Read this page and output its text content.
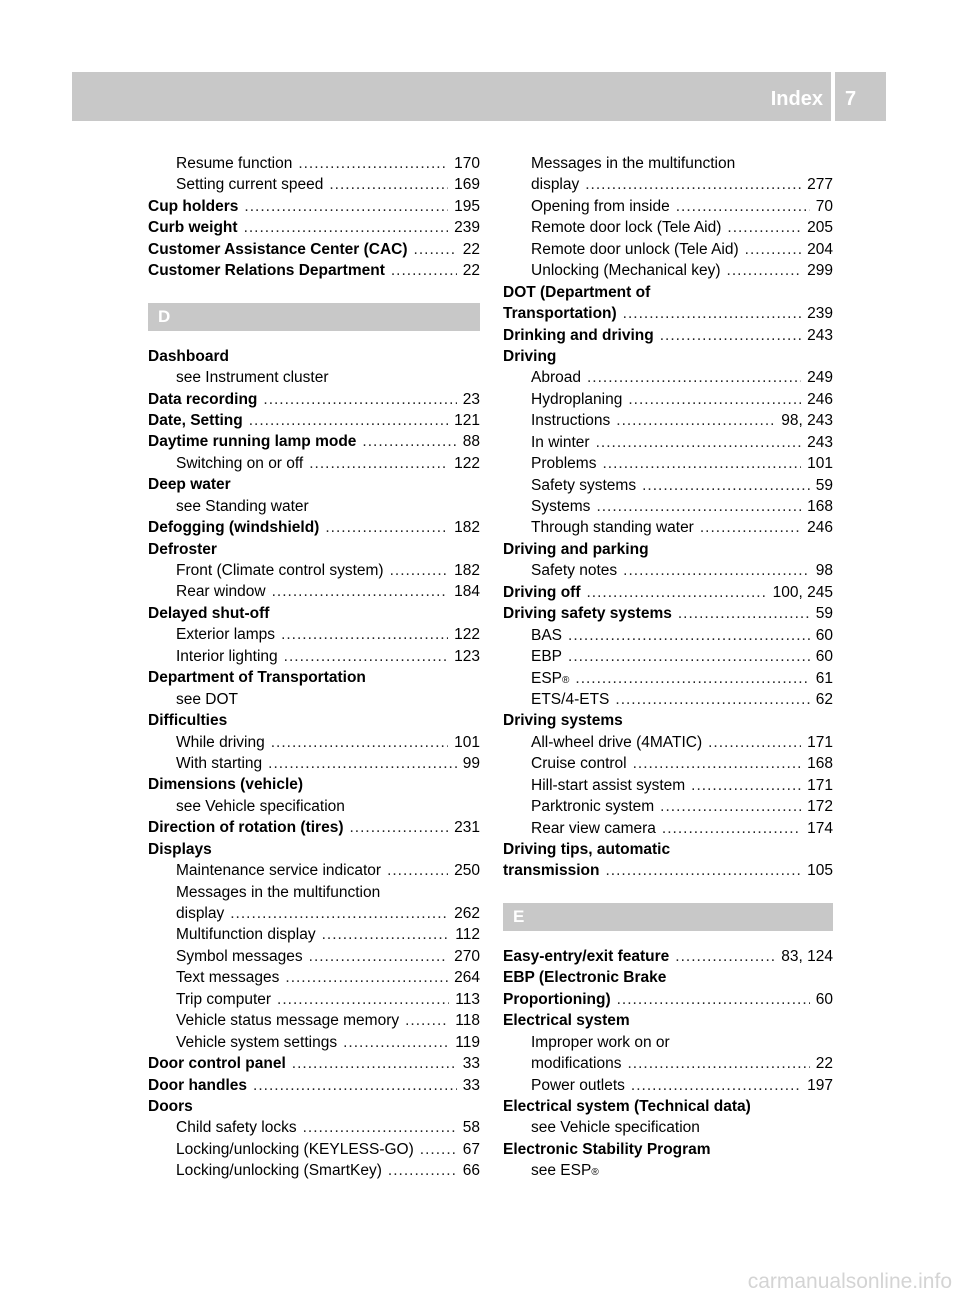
Index 7
Resume function .....	170
Setting current speed .....	169
Cup holders .....	195
Curb weight .....	239
Customer Assistance Center (CAC) .....	22
Customer Relations Department .....	22
D
Dashboard
see Instrument cluster
Data recording .....	23
Date, Setting .....	121
Daytime running lamp mode .....	88
Switching on or off .....	122
Deep water
see Standing water
Defogging (windshield) .....	182
Defroster
Front (Climate control system) .....	182
Rear window .....	184
Delayed shut-off
Exterior lamps .....	122
Interior lighting .....	123
Department of Transportation
see DOT
Difficulties
While driving .....	101
With starting .....	99
Dimensions (vehicle)
see Vehicle specification
Direction of rotation (tires) .....	231
Displays
Maintenance service indicator .....	250
Messages in the multifunction
display .....	262
Multifunction display .....	112
Symbol messages .....	270
Text messages .....	264
Trip computer .....	113
Vehicle status message memory .....	118
Vehicle system settings .....	119
Door control panel .....	33
Door handles .....	33
Doors
Child safety locks .....	58
Locking/unlocking (KEYLESS-GO) .....	67
Locking/unlocking (SmartKey) .....	66
Messages in the multifunction
display .....	277
Opening from inside .....	70
Remote door lock (Tele Aid) .....	205
Remote door unlock (Tele Aid) .....	204
Unlocking (Mechanical key) .....	299
DOT (Department of
Transportation) .....	239
Drinking and driving .....	243
Driving
Abroad .....	249
Hydroplaning .....	246
Instructions .....	98, 243
In winter .....	243
Problems .....	101
Safety systems .....	59
Systems .....	168
Through standing water .....	246
Driving and parking
Safety notes .....	98
Driving off .....	100, 245
Driving safety systems .....	59
BAS .....	60
EBP .....	60
ESP ® .....	61
ETS/4-ETS .....	62
Driving systems
All-wheel drive (4MATIC) .....	171
Cruise control .....	168
Hill-start assist system .....	171
Parktronic system .....	172
Rear view camera .....	174
Driving tips, automatic
transmission .....	105
E
Easy-entry/exit feature .....	83, 124
EBP (Electronic Brake
Proportioning) .....	60
Electrical system
Improper work on or
modifications .....	22
Power outlets .....	197
Electrical system (Technical data)
see Vehicle specification
Electronic Stability Program
see ESP ®
carmanualsonline.info
